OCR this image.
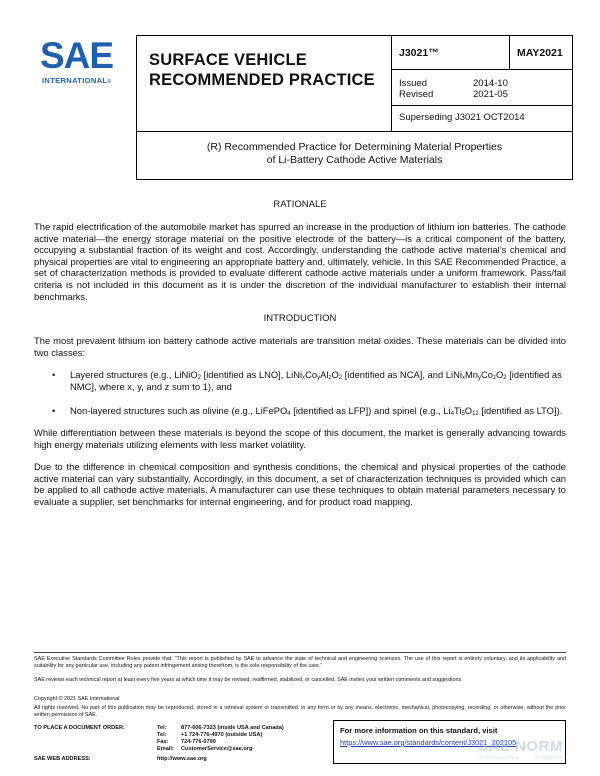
SAE
INTERNATIONAL®
SURFACE VEHICLE
RECOMMENDED PRACTICE
J3021™	MAY2021
Issued	2014-10
Revised	2021-05
Superseding J3021 OCT2014
(R) Recommended Practice for Determining Material Properties
of Li-Battery Cathode Active Materials
RATIONALE

The rapid electrification of the automobile market has spurred an increase in the production of lithium ion batteries. The cathode active material—the energy storage material on the positive electrode of the battery—is a critical component of the battery, occupying a substantial fraction of its weight and cost. Accordingly, understanding the cathode active material’s chemical and physical properties are vital to engineering an appropriate battery and, ultimately, vehicle. In this SAE Recommended Practice, a set of characterization methods is provided to evaluate different cathode active materials under a uniform framework. Pass/fail criteria is not included in this document as it is under the discretion of the individual manufacturer to establish their internal benchmarks.

INTRODUCTION

The most prevalent lithium ion battery cathode active materials are transition metal oxides. These materials can be divided into two classes:

• Layered structures (e.g., LiNiO$_2$ [identified as LNO], $LiNi_xCo_yAl_zO_2$ [identified as NCA], and $LiNi_xMn_yCo_zO_2$ [identified as NMC], where x, y, and z sum to 1), and

• Non-layered structures such as olivine (e.g., LiFePO$_4$ [identified as LFP]) and spinel (e.g., $Li_4Ti_5O_{12}$ [identified as LTO]).

While differentiation between these materials is beyond the scope of this document, the market is generally advancing towards high energy materials utilizing elements with less market volatility.

Due to the difference in chemical composition and synthesis conditions, the chemical and physical properties of the cathode active material can vary substantially. Accordingly, in this document, a set of characterization techniques is provided which can be applied to all cathode active materials. A manufacturer can use these techniques to obtain material parameters necessary to evaluate a supplier, set benchmarks for internal engineering, and for product road mapping.

SAE Executive Standards Committee Rules provide that: “This report is published by SAE to advance the state of technical and engineering sciences. The use of this report is entirely voluntary, and its applicability and suitability for any particular use, including any patent infringement arising therefrom, is the sole responsibility of the user.”

SAE reviews each technical report at least every five years at which time it may be revised, reaffirmed, stabilized, or cancelled. SAE invites your written comments and suggestions.

Copyright © 2021 SAE International

All rights reserved. No part of this publication may be reproduced, stored in a retrieval system or transmitted, in any form or by any means, electronic, mechanical, photocopying, recording, or otherwise, without the prior written permission of SAE.

TO PLACE A DOCUMENT ORDER:	Tel:	877-606-7323 (inside USA and Canada)
Tel:	+1 724-776-4970 (outside USA)
Fax: 724-776-0790
Email: CustomerService@sae.org
SAE WEB ADDRESS:	http://www.sae.org
For more information on this standard, visit
https://www.sae.org/standards/content/J3021_202105
SAE NORM
INTERNATIONAL        STANDARDS
